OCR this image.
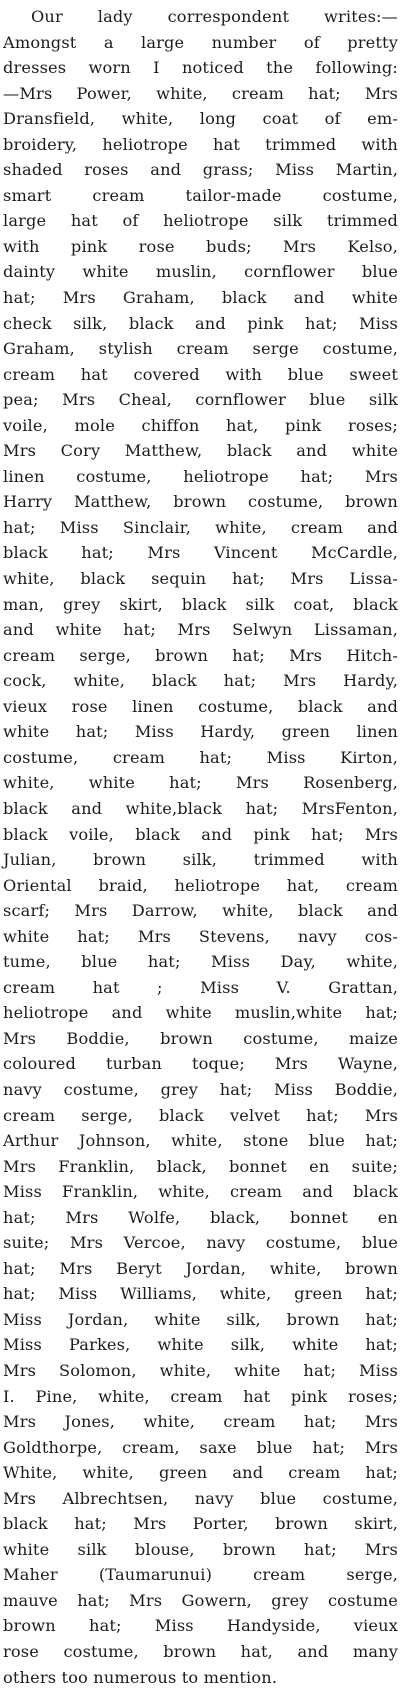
Our lady correspondent writes:—
Amongst a large number of pretty
dresses worn I noticed the following:
—Mrs Power, white, cream hat; Mrs
Dransfield, white, long coat of em-
broidery, heliotrope hat trimmed with
shaded roses and grass; Miss Martin,
smart cream tailor-made costume,
large hat of heliotrope silk trimmed
with pink rose buds; Mrs Kelso,
dainty white muslin, cornflower blue
hat; Mrs Graham, black and white
check silk, black and pink hat; Miss
Graham, stylish cream serge costume,
cream hat covered with blue sweet
pea; Mrs Cheal, cornflower blue silk
voile, mole chiffon hat, pink roses;
Mrs Cory Matthew, black and white
linen costume, heliotrope hat; Mrs
Harry Matthew, brown costume, brown
hat; Miss Sinclair, white, cream and
black hat; Mrs Vincent McCardle,
white, black sequin hat; Mrs Lissa-
man, grey skirt, black silk coat, black
and white hat; Mrs Selwyn Lissaman,
cream serge, brown hat; Mrs Hitch-
cock, white, black hat; Mrs Hardy,
vieux rose linen costume, black and
white hat; Miss Hardy, green linen
costume, cream hat; Miss Kirton,
white, white hat; Mrs Rosenberg,
black and white,black hat; MrsFenton,
black voile, black and pink hat; Mrs
Julian, brown silk, trimmed with
Oriental braid, heliotrope hat, cream
scarf; Mrs Darrow, white, black and
white hat; Mrs Stevens, navy cos-
tume, blue hat; Miss Day, white,
cream hat ; Miss V. Grattan,
heliotrope and white muslin,white hat;
Mrs Boddie, brown costume, maize
coloured turban toque; Mrs Wayne,
navy costume, grey hat; Miss Boddie,
cream serge, black velvet hat; Mrs
Arthur Johnson, white, stone blue hat;
Mrs Franklin, black, bonnet en suite;
Miss Franklin, white, cream and black
hat; Mrs Wolfe, black, bonnet en
suite; Mrs Vercoe, navy costume, blue
hat; Mrs Beryt Jordan, white, brown
hat; Miss Williams, white, green hat;
Miss Jordan, white silk, brown hat;
Miss Parkes, white silk, white hat;
Mrs Solomon, white, white hat; Miss
I. Pine, white, cream hat pink roses;
Mrs Jones, white, cream hat; Mrs
Goldthorpe, cream, saxe blue hat; Mrs
White, white, green and cream hat;
Mrs Albrechtsen, navy blue costume,
black hat; Mrs Porter, brown skirt,
white silk blouse, brown hat; Mrs
Maher (Taumarunui) cream serge,
mauve hat; Mrs Gowern, grey costume
brown hat; Miss Handyside, vieux
rose costume, brown hat, and many
others too numerous to mention.
